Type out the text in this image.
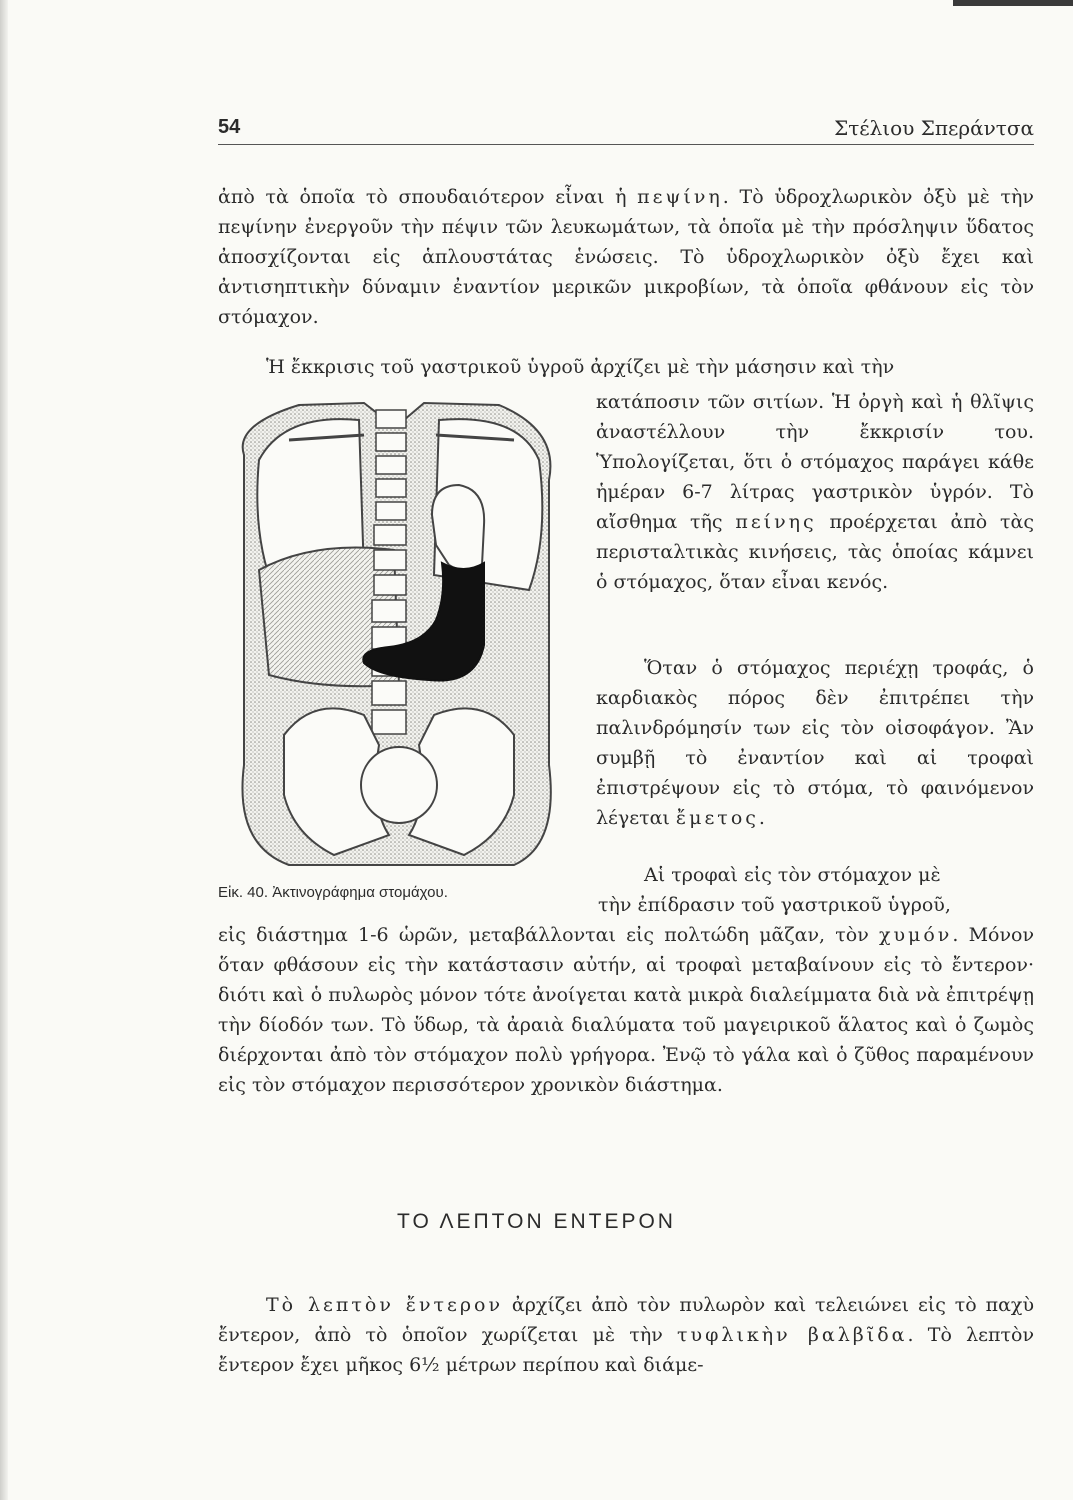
54	Στέλιου Σπεράντσα
ἀπὸ τὰ ὁποῖα τὸ σπουδαιότερον εἶναι ἡ πεψίνη. Τὸ ὑδροχλωρικὸν ὀξὺ μὲ τὴν πεψίνην ἐνεργοῦν τὴν πέψιν τῶν λευκωμάτων, τὰ ὁποῖα μὲ τὴν πρόσληψιν ὕδατος ἀποσχίζονται εἰς ἁπλουστάτας ἑνώσεις. Τὸ ὑδροχλωρικὸν ὀξὺ ἔχει καὶ ἀντισηπτικὴν δύναμιν ἐναντίον μερικῶν μικροβίων, τὰ ὁποῖα φθάνουν εἰς τὸν στόμαχον.
Ἡ ἔκκρισις τοῦ γαστρικοῦ ὑγροῦ ἀρχίζει μὲ τὴν μάσησιν καὶ τὴν
κατάποσιν τῶν σιτίων. Ἡ ὀργὴ καὶ ἡ θλῖψις ἀναστέλλουν τὴν ἔκκρισίν του. Ὑπολογίζεται, ὅτι ὁ στόμαχος παράγει κάθε ἡμέραν 6-7 λίτρας γαστρικὸν ὑγρόν. Τὸ αἴσθημα τῆς πείνης προέρχεται ἀπὸ τὰς περισταλτικὰς κινήσεις, τὰς ὁποίας κάμνει ὁ στόμαχος, ὅταν εἶναι κενός.
Ὅταν ὁ στόμαχος περιέχῃ τροφάς, ὁ καρδιακὸς πόρος δὲν ἐπιτρέπει τὴν παλινδρόμησίν των εἰς τὸν οἰσοφάγον. Ἂν συμβῇ τὸ ἐναντίον καὶ αἱ τροφαὶ ἐπιστρέψουν εἰς τὸ στόμα, τὸ φαινόμενον λέγεται ἔμετος.
Αἱ τροφαὶ εἰς τὸν στόμαχον μὲ
Εἰκ. 40. Ἀκτινογράφημα στομάχου.
τὴν ἐπίδρασιν τοῦ γαστρικοῦ ὑγροῦ,
εἰς διάστημα 1-6 ὡρῶν, μεταβάλλονται εἰς πολτώδη μᾶζαν, τὸν χυμόν. Μόνον ὅταν φθάσουν εἰς τὴν κατάστασιν αὐτήν, αἱ τροφαὶ μεταβαίνουν εἰς τὸ ἔντερον· διότι καὶ ὁ πυλωρὸς μόνον τότε ἀνοίγεται κατὰ μικρὰ διαλείμματα διὰ νὰ ἐπιτρέψῃ τὴν δίοδόν των. Τὸ ὕδωρ, τὰ ἀραιὰ διαλύματα τοῦ μαγειρικοῦ ἅλατος καὶ ὁ ζωμὸς διέρχονται ἀπὸ τὸν στόμαχον πολὺ γρήγορα. Ἐνῷ τὸ γάλα καὶ ὁ ζῦθος παραμένουν εἰς τὸν στόμαχον περισσότερον χρονικὸν διάστημα.
ΤΟ ΛΕΠΤΟΝ ΕΝΤΕΡΟΝ
Τὸ λεπτὸν ἔντερον ἀρχίζει ἀπὸ τὸν πυλωρὸν καὶ τελειώνει εἰς τὸ παχὺ ἔντερον, ἀπὸ τὸ ὁποῖον χωρίζεται μὲ τὴν τυφλικὴν βαλβῖδα. Τὸ λεπτὸν ἔντερον ἔχει μῆκος 6½ μέτρων περίπου καὶ διάμε-
